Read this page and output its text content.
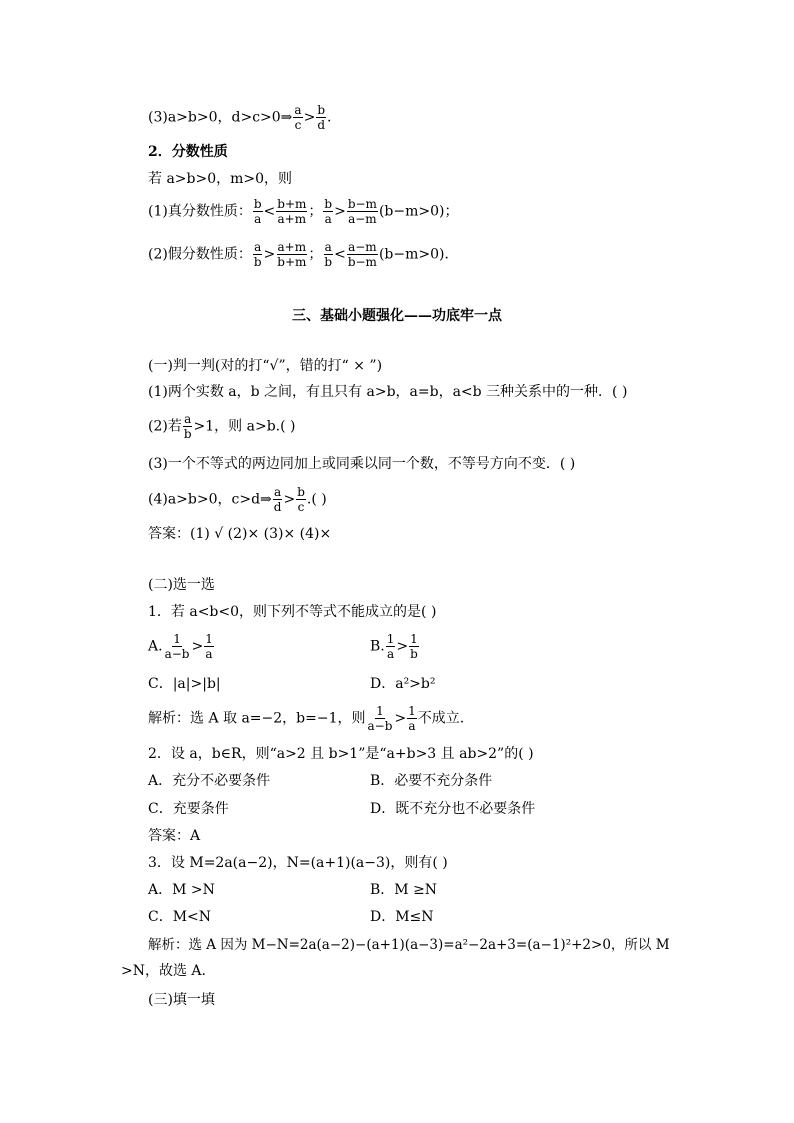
(3)a>b>0，d>c>0⇒ $\frac{a}{c} > \frac{b}{d}$ .
2．分数性质
若 a>b>0，m>0，则
(1)真分数性质： $\frac{b}{a} < \frac{b+m}{a+m}$ ； $\frac{b}{a} > \frac{b-m}{a-m} (b-m>0)$；
(2)假分数性质： $\frac{a}{b} > \frac{a+m}{b+m}$ ； $\frac{a}{b} < \frac{a-m}{b-m} (b-m>0)$．
三、基础小题强化——功底牢一点
(一)判一判(对的打“√”，错的打“ × ”)
(1)两个实数 a，b 之间，有且只有 a>b，a=b，a<b 三种关系中的一种．( )
(2)若 $\frac{a}{b} >1$，则 a>b.( )
(3)一个不等式的两边同加上或同乘以同一个数，不等号方向不变．( )
(4)a>b>0，c>d⇒ $\frac{a}{d} > \frac{b}{c}$ .( )
答案：(1) √ (2)× (3)× (4)×
(二)选一选
1．若 a<b<0，则下列不等式不能成立的是( )
A. $\frac{1}{a-b} > \frac{1}{a}$	B. $\frac{1}{a} > \frac{1}{b}$
C．|a|>|b|	D．a²>b²
解析：选 A 取 a=−2，b=−1，则 $\frac{1}{a-b} > \frac{1}{a}$ 不成立.
2．设 a，b∈R，则“a>2 且 b>1”是“a+b>3 且 ab>2”的( )
A．充分不必要条件	B．必要不充分条件
C．充要条件	D．既不充分也不必要条件
答案：A
3．设 M=2a(a−2)，N=(a+1)(a−3)，则有( )
A．M >N	B．M ≥N
C．M<N	D．M≤N
解析：选 A 因为 M−N=2a(a−2)−(a+1)(a−3)=a²−2a+3=(a−1)²+2>0，所以 M
>N，故选 A.
(三)填一填
